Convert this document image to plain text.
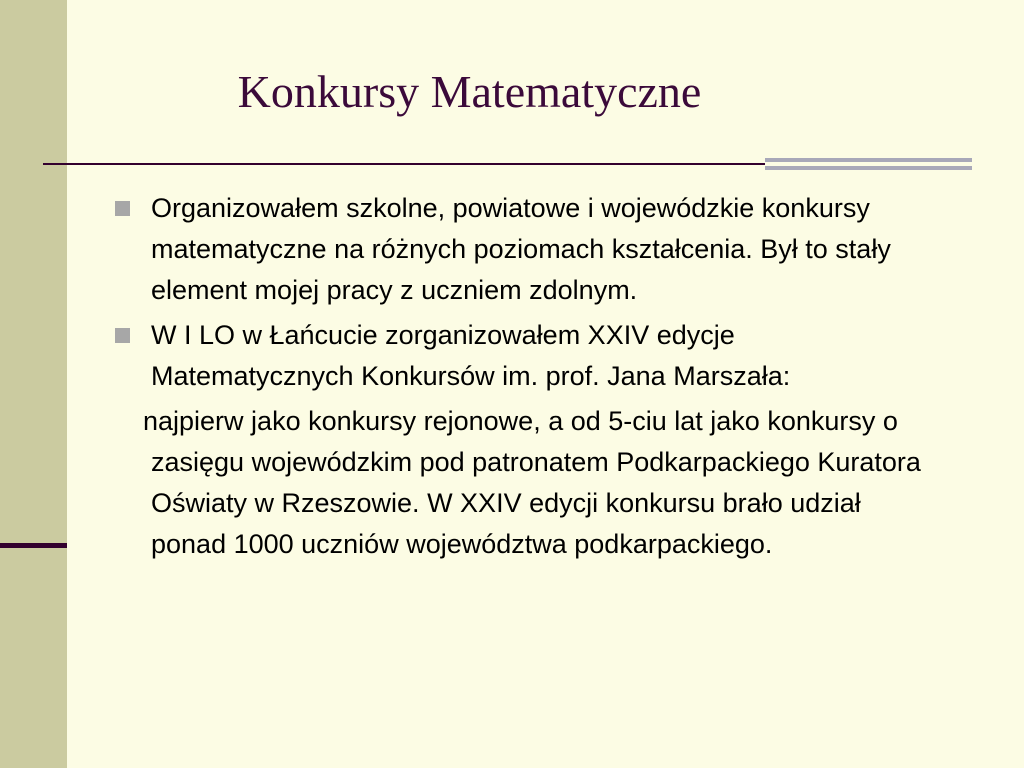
Konkursy Matematyczne

Organizowałem szkolne, powiatowe i wojewódzkie konkursy matematyczne na różnych poziomach kształcenia. Był to stały element mojej pracy z uczniem zdolnym.

W I LO w Łańcucie zorganizowałem XXIV edycje Matematycznych Konkursów im. prof. Jana Marszała:

najpierw jako konkursy rejonowe, a od 5-ciu lat jako konkursy o zasięgu wojewódzkim pod patronatem Podkarpackiego Kuratora Oświaty w Rzeszowie. W XXIV edycji konkursu brało udział ponad 1000 uczniów województwa podkarpackiego.
